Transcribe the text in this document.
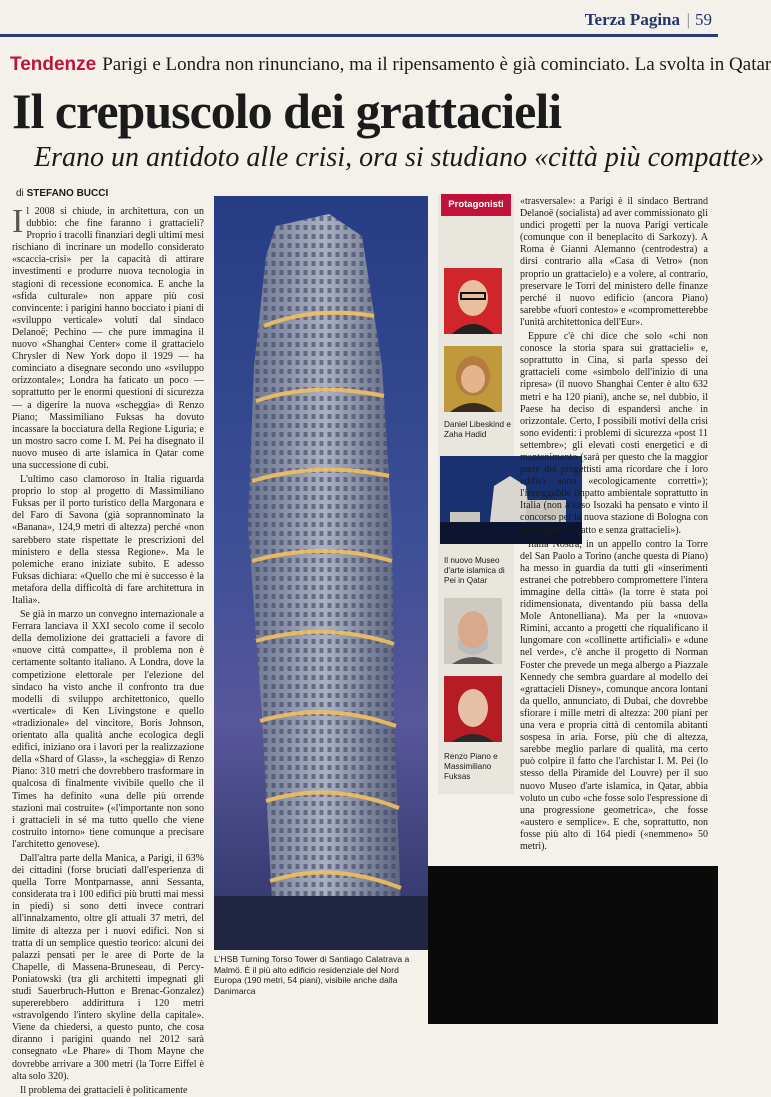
Terza Pagina
| 59
Tendenze Parigi e Londra non rinunciano, ma il ripensamento è già cominciato. La svolta in Qatar
Il crepuscolo dei grattacieli
Erano un antidoto alle crisi, ora si studiano «città più compatte»
di STEFANO BUCCI

Il 2008 si chiude, in architettura, con un dubbio: che fine faranno i grattacieli? Proprio i tracolli finanziari degli ultimi mesi rischiano di incrinare un modello considerato «scaccia-crisi» per la capacità di attirare investimenti e produrre nuova tecnologia in stagioni di recessione economica. E anche la «sfida culturale» non appare più così convincente: i parigini hanno bocciato i piani di «sviluppo verticale» voluti dal sindaco Delanoë; Pechino — che pure immagina il nuovo «Shanghai Center» come il grattacielo Chrysler di New York dopo il 1929 — ha cominciato a disegnare secondo uno «sviluppo orizzontale»; Londra ha faticato un poco — soprattutto per le enormi questioni di sicurezza — a digerire la nuova «scheggia» di Renzo Piano; Massimiliano Fuksas ha dovuto incassare la bocciatura della Regione Liguria; e un mostro sacro come I. M. Pei ha disegnato il nuovo museo di arte islamica in Qatar come una successione di cubi.

L'ultimo caso clamoroso in Italia riguarda proprio lo stop al progetto di Massimiliano Fuksas per il porto turistico della Margonara e del Faro di Savona (già soprannominato la «Banana», 124,9 metri di altezza) perché «non sarebbero state rispettate le prescrizioni del ministero e della stessa Regione». Ma le polemiche erano iniziate subito. E adesso Fuksas dichiara: «Quello che mi è successo è la metafora della difficoltà di fare architettura in Italia».

Se già in marzo un convegno internazionale a Ferrara lanciava il XXI secolo come il secolo della demolizione dei grattacieli a favore di «nuove città compatte», il problema non è certamente soltanto italiano. A Londra, dove la competizione elettorale per l'elezione del sindaco ha visto anche il confronto tra due modelli di sviluppo architettonico, quello «verticale» di Ken Livingstone e quello «tradizionale» del vincitore, Boris Johnson, orientato alla qualità anche ecologica degli edifici, iniziano ora i lavori per la realizzazione della «Shard of Glass», la «scheggia» di Renzo Piano: 310 metri che dovrebbero trasformare in qualcosa di finalmente vivibile quello che il Times ha definito «una delle più orrende stazioni mai costruite» («l'importante non sono i grattacieli in sé ma tutto quello che viene costruito intorno» tiene comunque a precisare l'architetto genovese).

Dall'altra parte della Manica, a Parigi, il 63% dei cittadini (forse bruciati dall'esperienza di quella Torre Montparnasse, anni Sessanta, considerata tra i 100 edifici più brutti mai messi in piedi) si sono detti invece contrari all'innalzamento, oltre gli attuali 37 metri, del limite di altezza per i nuovi edifici. Non si tratta di un semplice questio teorico: alcuni dei palazzi pensati per le aree di Porte de la Chapelle, di Massena-Bruneseau, di Percy-Poniatowski (tra gli architetti impegnati gli studi Sauerbruch-Hutton e Brenac-Gonzalez) supererebbero addirittura i 120 metri «stravolgendo l'intero skyline della capitale». Viene da chiedersi, a questo punto, che cosa diranno i parigini quando nel 2012 sarà consegnato «Le Phare» di Thom Mayne che dovrebbe arrivare a 300 metri (la Torre Eiffel è alta solo 320).

Il problema dei grattacieli è politicamente

L'HSB Turning Torso Tower di Santiago Calatrava a Malmö. È il più alto edificio residenziale del Nord Europa (190 metri, 54 piani), visibile anche dalla Danimarca
Protagonisti
Daniel Libeskind e Zaha Hadid
Il nuovo Museo d'arte islamica di Pei in Qatar
Renzo Piano e Massimiliano Fuksas

«trasversale»: a Parigi è il sindaco Bertrand Delanoë (socialista) ad aver commissionato gli undici progetti per la nuova Parigi verticale (comunque con il beneplacito di Sarkozy). A Roma è Gianni Alemanno (centrodestra) a dirsi contrario alla «Casa di Vetro» (non proprio un grattacielo) e a volere, al contrario, preservare le Torri del ministero delle finanze perché il nuovo edificio (ancora Piano) sarebbe «fuori contesto» e «comprometterebbe l'unità architettonica dell'Eur».

Eppure c'è chi dice che solo «chi non conosce la storia spara sui grattacieli» e, soprattutto in Cina, si parla spesso dei grattacieli come «simbolo dell'inizio di una ripresa» (il nuovo Shanghai Center è alto 632 metri e ha 120 piani), anche se, nel dubbio, il Paese ha deciso di espandersi anche in orizzontale. Certo, I possibili motivi della crisi sono evidenti: i problemi di sicurezza «post 11 settembre»; gli elevati costi energetici e di mantenimento (sarà per questo che la maggior parte dei progettisti ama ricordare che i loro edifici sono «ecologicamente corretti»); l'inneggabile impatto ambientale soprattutto in Italia (non a caso Isozaki ha pensato e vinto il concorso per la nuova stazione di Bologna con un progetto «piatto e senza grattacieli»).

Italia Nostra, in un appello contro la Torre del San Paolo a Torino (anche questa di Piano) ha messo in guardia da tutti gli «inserimenti estranei che potrebbero compromettere l'intera immagine della città» (la torre è stata poi ridimensionata, diventando più bassa della Mole Antonelliana). Ma per la «nuova» Rimini, accanto a progetti che riqualificano il lungomare con «collinette artificiali» e «dune nel verde», c'è anche il progetto di Norman Foster che prevede un mega albergo a Piazzale Kennedy che sembra guardare al modello dei «grattacieli Disney», comunque ancora lontani da quello, annunciato, di Dubai, che dovrebbe sfiorare i mille metri di altezza: 200 piani per una vera e propria città di centomila abitanti sospesa in aria. Forse, più che di altezza, sarebbe meglio parlare di qualità, ma certo può colpire il fatto che l'archistar I. M. Pei (lo stesso della Piramide del Louvre) per il suo nuovo Museo d'arte islamica, in Qatar, abbia voluto un cubo «che fosse solo l'espressione di una progressione geometrica», che fosse «austero e semplice». E che, soprattutto, non fosse più alto di 164 piedi («nemmeno» 50 metri).
